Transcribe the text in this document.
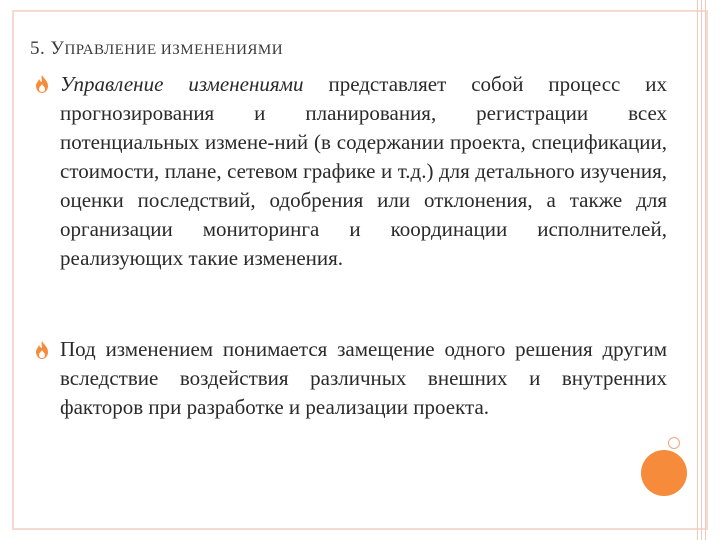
5. УПРАВЛЕНИЕ ИЗМЕНЕНИЯМИ
Управление изменениями представляет собой процесс их прогнозирования и планирования, регистрации всех потенциальных измене-ний (в содержании проекта, спецификации, стоимости, плане, сетевом графике и т.д.) для детального изучения, оценки последствий, одобрения или отклонения, а также для организации мониторинга и координации исполнителей, реализующих такие изменения.
Под изменением понимается замещение одного решения другим вследствие воздействия различных внешних и внутренних факторов при разработке и реализации проекта.
